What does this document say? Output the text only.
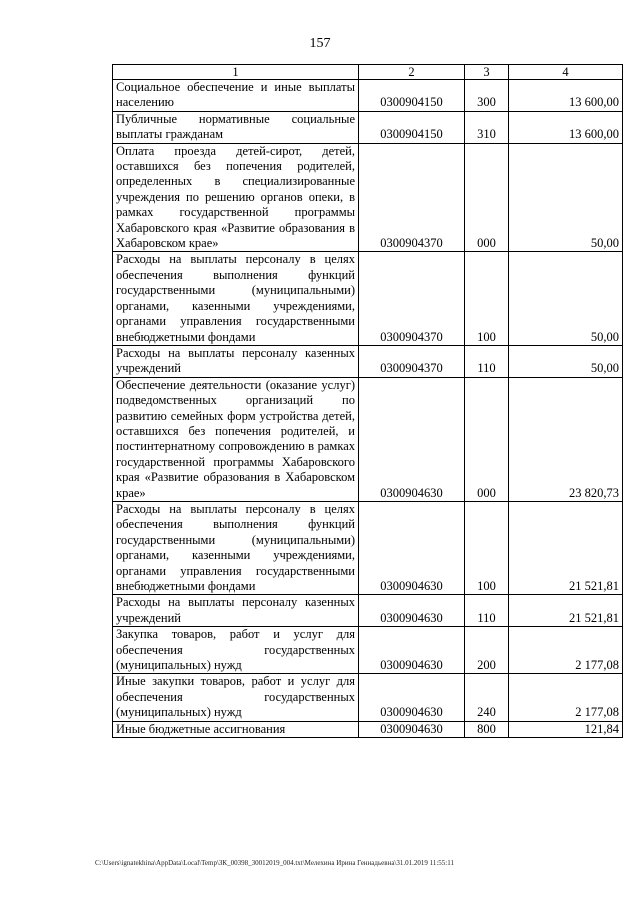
157
1	2	3	4
Социальное обеспечение и иные выплаты населению	0300904150	300	13 600,00
Публичные нормативные социальные выплаты гражданам	0300904150	310	13 600,00
Оплата проезда детей-сирот, детей, оставшихся без попечения родителей, определенных в специализированные учреждения по решению органов опеки, в рамках государственной программы Хабаровского края «Развитие образования в Хабаровском крае»	0300904370	000	50,00
Расходы на выплаты персоналу в целях обеспечения выполнения функций государственными (муниципальными) органами, казенными учреждениями, органами управления государственными внебюджетными фондами	0300904370	100	50,00
Расходы на выплаты персоналу казенных учреждений	0300904370	110	50,00
Обеспечение деятельности (оказание услуг) подведомственных организаций по развитию семейных форм устройства детей, оставшихся без попечения родителей, и постинтернатному сопровождению в рамках государственной программы Хабаровского края «Развитие образования в Хабаровском крае»	0300904630	000	23 820,73
Расходы на выплаты персоналу в целях обеспечения выполнения функций государственными (муниципальными) органами, казенными учреждениями, органами управления государственными внебюджетными фондами	0300904630	100	21 521,81
Расходы на выплаты персоналу казенных учреждений	0300904630	110	21 521,81
Закупка товаров, работ и услуг для обеспечения государственных (муниципальных) нужд	0300904630	200	2 177,08
Иные закупки товаров, работ и услуг для обеспечения государственных (муниципальных) нужд	0300904630	240	2 177,08
Иные бюджетные ассигнования	0300904630	800	121,84
C:\Users\ignatekhina\AppData\Local\Temp\ЗК_00398_30012019_004.txt\Мелехина Ирина Геннадьевна\31.01.2019 11:55:11
